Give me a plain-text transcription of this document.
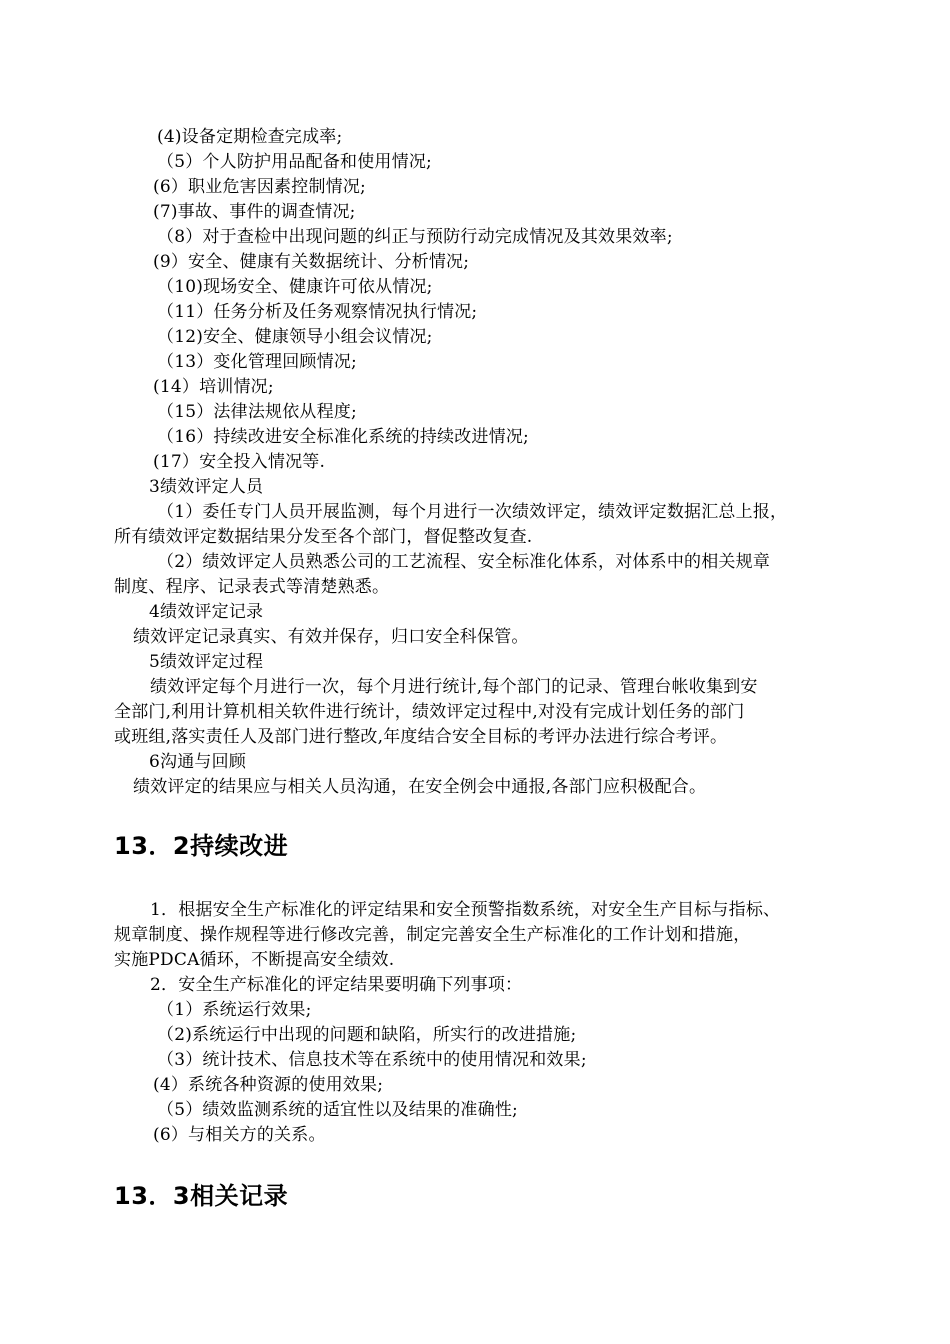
(4)设备定期检查完成率;
（5）个人防护用品配备和使用情况;
(6）职业危害因素控制情况;
(7)事故、事件的调查情况;
（8）对于查检中出现问题的纠正与预防行动完成情况及其效果效率;
(9）安全、健康有关数据统计、分析情况;
（10)现场安全、健康许可依从情况;
（11）任务分析及任务观察情况执行情况;
（12)安全、健康领导小组会议情况;
（13）变化管理回顾情况;
(14）培训情况;
（15）法律法规依从程度;
（16）持续改进安全标准化系统的持续改进情况;
(17）安全投入情况等.
3绩效评定人员
（1）委任专门人员开展监测，每个月进行一次绩效评定，绩效评定数据汇总上报，
所有绩效评定数据结果分发至各个部门，督促整改复查.
（2）绩效评定人员熟悉公司的工艺流程、安全标准化体系，对体系中的相关规章
制度、程序、记录表式等清楚熟悉。
4绩效评定记录
绩效评定记录真实、有效并保存，归口安全科保管。
5绩效评定过程
绩效评定每个月进行一次，每个月进行统计,每个部门的记录、管理台帐收集到安
全部门,利用计算机相关软件进行统计，绩效评定过程中,对没有完成计划任务的部门
或班组,落实责任人及部门进行整改,年度结合安全目标的考评办法进行综合考评。
6沟通与回顾
绩效评定的结果应与相关人员沟通，在安全例会中通报,各部门应积极配合。
13．2持续改进
1．根据安全生产标准化的评定结果和安全预警指数系统，对安全生产目标与指标、
规章制度、操作规程等进行修改完善，制定完善安全生产标准化的工作计划和措施，
实施PDCA循环，不断提高安全绩效.
2．安全生产标准化的评定结果要明确下列事项：
（1）系统运行效果;
（2)系统运行中出现的问题和缺陷，所实行的改进措施;
（3）统计技术、信息技术等在系统中的使用情况和效果;
(4）系统各种资源的使用效果;
（5）绩效监测系统的适宜性以及结果的准确性;
(6）与相关方的关系。
13．3相关记录
